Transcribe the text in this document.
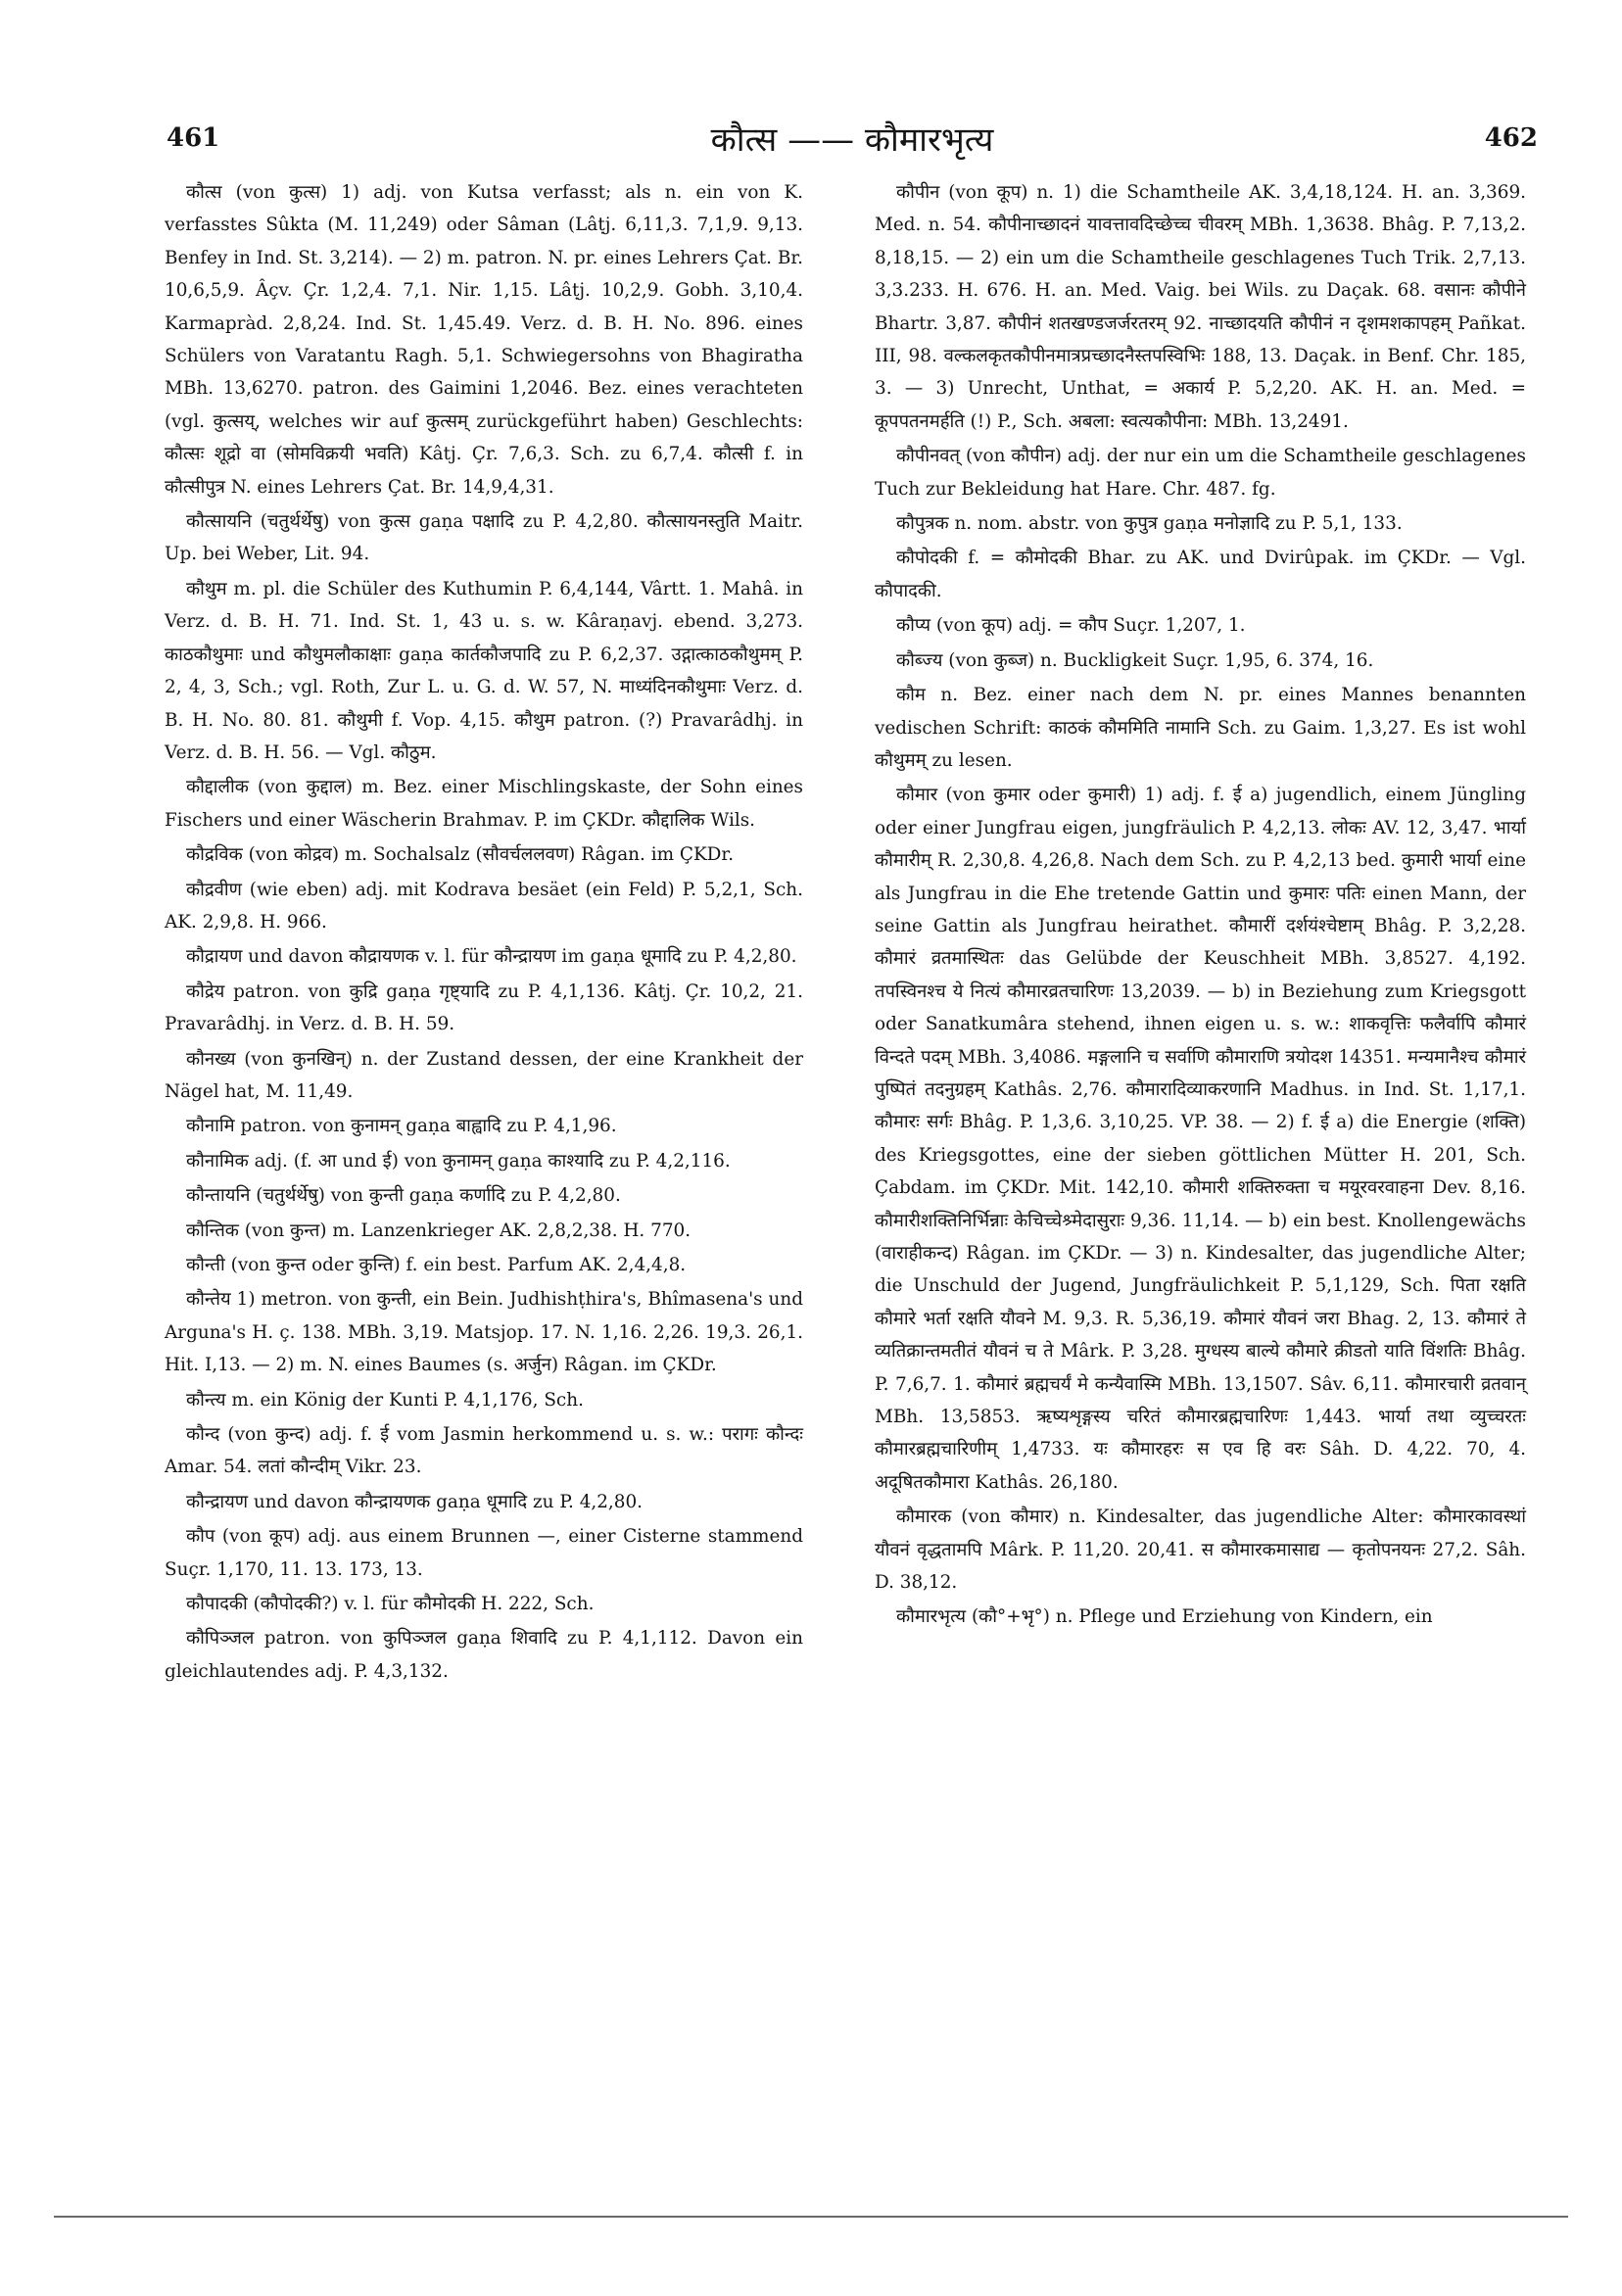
461	कौत्स —— कौमारभृत्य	462

कौत्स (von कुत्स) 1) adj. von Kutsa verfasst; als n. ein von K. verfasstes Sûkta (M. 11,249) oder Sâman (Lâṭj. 6,11,3. 7,1,9. 9,13. Benfey in Ind. St. 3,214). — 2) m. patron. N. pr. eines Lehrers Çat. Br. 10,6,5,9. Âçv. Çr. 1,2,4. 7,1. Nir. 1,15. Lâṭj. 10,2,9. Gobh. 3,10,4. Karmapràd. 2,8,24. Ind. St. 1,45.49. Verz. d. B. H. No. 896. eines Schülers von Varatantu Ragh. 5,1. Schwiegersohns von Bhagiratha MBh. 13,6270. patron. des Gaimini 1,2046. Bez. eines verachteten (vgl. कुत्सय्, welches wir auf कुत्सम् zurückgeführt haben) Geschlechts: कौत्सः शूद्रो वा (सोमविक्रयी भवति) Kâtj. Çr. 7,6,3. Sch. zu 6,7,4. कौत्सी f. in कौत्सीपुत्र N. eines Lehrers Çat. Br. 14,9,4,31.

कौत्सायनि (चतुर्थर्थेषु) von कुत्स gaṇa पक्षादि zu P. 4,2,80. कौत्सायनस्तुति Maitr. Up. bei Weber, Lit. 94.

कौथुम m. pl. die Schüler des Kuthumin P. 6,4,144, Vârtt. 1. Mahâ. in Verz. d. B. H. 71. Ind. St. 1, 43 u. s. w. Kâraṇavj. ebend. 3,273. काठकौथुमाः und कौथुमलौकाक्षाः gaṇa कार्तकौजपादि zu P. 6,2,37. उद्गात्काठकौथुमम् P. 2, 4, 3, Sch.; vgl. Roth, Zur L. u. G. d. W. 57, N. माध्यंदिनकौथुमाः Verz. d. B. H. No. 80. 81. कौथुमी f. Vop. 4,15. कौथुम patron. (?) Pravarâdhj. in Verz. d. B. H. 56. — Vgl. कौठुम.

कौद्दालीक (von कुद्दाल) m. Bez. einer Mischlingskaste, der Sohn eines Fischers und einer Wäscherin Brahmav. P. im ÇKDr. कौद्दालिक Wils.

कौद्रविक (von कोद्रव) m. Sochalsalz (सौवर्चललवण) Râgan. im ÇKDr.

कौद्रवीण (wie eben) adj. mit Kodrava besäet (ein Feld) P. 5,2,1, Sch. AK. 2,9,8. H. 966.

कौद्रायण und davon कौद्रायणक v. l. für कौन्द्रायण im gaṇa धूमादि zu P. 4,2,80.

कौद्रेय patron. von कुद्रि gaṇa गृष्ट्यादि zu P. 4,1,136. Kâtj. Çr. 10,2, 21. Pravarâdhj. in Verz. d. B. H. 59.

कौनख्य (von कुनखिन्) n. der Zustand dessen, der eine Krankheit der Nägel hat, M. 11,49.

कौनामि patron. von कुनामन् gaṇa बाह्वादि zu P. 4,1,96.

कौनामिक adj. (f. आ und ई) von कुनामन् gaṇa काश्यादि zu P. 4,2,116.

कौन्तायनि (चतुर्थर्थेषु) von कुन्ती gaṇa कर्णादि zu P. 4,2,80.

कौन्तिक (von कुन्त) m. Lanzenkrieger AK. 2,8,2,38. H. 770.

कौन्ती (von कुन्त oder कुन्ति) f. ein best. Parfum AK. 2,4,4,8.

कौन्तेय 1) metron. von कुन्ती, ein Bein. Judhishṭhira's, Bhîmasena's und Arguna's H. ç. 138. MBh. 3,19. Matsjop. 17. N. 1,16. 2,26. 19,3. 26,1. Hit. I,13. — 2) m. N. eines Baumes (s. अर्जुन) Râgan. im ÇKDr.

कौन्त्य m. ein König der Kunti P. 4,1,176, Sch.

कौन्द (von कुन्द) adj. f. ई vom Jasmin herkommend u. s. w.: परागः कौन्दः Amar. 54. लतां कौन्दीम् Vikr. 23.

कौन्द्रायण und davon कौन्द्रायणक gaṇa धूमादि zu P. 4,2,80.

कौप (von कूप) adj. aus einem Brunnen —, einer Cisterne stammend Suçr. 1,170, 11. 13. 173, 13.

कौपादकी (कौपोदकी?) v. l. für कौमोदकी H. 222, Sch.

कौपिञ्जल patron. von कुपिञ्जल gaṇa शिवादि zu P. 4,1,112. Davon ein gleichlautendes adj. P. 4,3,132.

कौपीन (von कूप) n. 1) die Schamtheile AK. 3,4,18,124. H. an. 3,369. Med. n. 54. कौपीनाच्छादनं यावत्तावदिच्छेच्च चीवरम् MBh. 1,3638. Bhâg. P. 7,13,2. 8,18,15. — 2) ein um die Schamtheile geschlagenes Tuch Trik. 2,7,13. 3,3.233. H. 676. H. an. Med. Vaig. bei Wils. zu Daçak. 68. वसानः कौपीने Bhartr. 3,87. कौपीनं शतखण्डजर्जरतरम् 92. नाच्छादयति कौपीनं न दृशमशकापहम् Pañkat. III, 98. वल्कलकृतकौपीनमात्रप्रच्छादनैस्तपस्विभिः 188, 13. Daçak. in Benf. Chr. 185, 3. — 3) Unrecht, Unthat, = अकार्य P. 5,2,20. AK. H. an. Med. = कूपपतनमर्हति (!) P., Sch. अबला: स्वत्यकौपीना: MBh. 13,2491.

कौपीनवत् (von कौपीन) adj. der nur ein um die Schamtheile geschlagenes Tuch zur Bekleidung hat Hare. Chr. 487. fg.

कौपुत्रक n. nom. abstr. von कुपुत्र gaṇa मनोज्ञादि zu P. 5,1, 133.

कौपोदकी f. = कौमोदकी Bhar. zu AK. und Dvirûpak. im ÇKDr. — Vgl. कौपादकी.

कौप्य (von कूप) adj. = कौप Suçr. 1,207, 1.

कौब्ज्य (von कुब्ज) n. Buckligkeit Suçr. 1,95, 6. 374, 16.

कौम n. Bez. einer nach dem N. pr. eines Mannes benannten vedischen Schrift: काठकं कौममिति नामानि Sch. zu Gaim. 1,3,27. Es ist wohl कौथुमम् zu lesen.

कौमार (von कुमार oder कुमारी) 1) adj. f. ई a) jugendlich, einem Jüngling oder einer Jungfrau eigen, jungfräulich P. 4,2,13. लोकः AV. 12, 3,47. भार्या कौमारीम् R. 2,30,8. 4,26,8. Nach dem Sch. zu P. 4,2,13 bed. कुमारी भार्या eine als Jungfrau in die Ehe tretende Gattin und कुमारः पतिः einen Mann, der seine Gattin als Jungfrau heirathet. कौमारीं दर्शयंश्चेष्टाम् Bhâg. P. 3,2,28. कौमारं व्रतमास्थितः das Gelübde der Keuschheit MBh. 3,8527. 4,192. तपस्विनश्च ये नित्यं कौमारव्रतचारिणः 13,2039. — b) in Beziehung zum Kriegsgott oder Sanatkumâra stehend, ihnen eigen u. s. w.: शाकवृत्तिः फलैर्वापि कौमारं विन्दते पदम् MBh. 3,4086. मङ्गलानि च सर्वाणि कौमाराणि त्रयोदश 14351. मन्यमानैश्च कौमारं पुष्पितं तदनुग्रहम् Kathâs. 2,76. कौमारादिव्याकरणानि Madhus. in Ind. St. 1,17,1. कौमारः सर्गः Bhâg. P. 1,3,6. 3,10,25. VP. 38. — 2) f. ई a) die Energie (शक्ति) des Kriegsgottes, eine der sieben göttlichen Mütter H. 201, Sch. Çabdam. im ÇKDr. Mit. 142,10. कौमारी शक्तिरुक्ता च मयूरवरवाहना Dev. 8,16. कौमारीशक्तिनिर्भिन्नाः केचिच्चेश्र्मेदासुराः 9,36. 11,14. — b) ein best. Knollengewächs (वाराहीकन्द) Râgan. im ÇKDr. — 3) n. Kindesalter, das jugendliche Alter; die Unschuld der Jugend, Jungfräulichkeit P. 5,1,129, Sch. पिता रक्षति कौमारे भर्ता रक्षति यौवने M. 9,3. R. 5,36,19. कौमारं यौवनं जरा Bhag. 2, 13. कौमारं ते व्यतिक्रान्तमतीतं यौवनं च ते Mârk. P. 3,28. मुग्धस्य बाल्ये कौमारे क्रीडतो याति विंशतिः Bhâg. P. 7,6,7. 1. कौमारं ब्रह्मचर्यं मे कन्यैवास्मि MBh. 13,1507. Sâv. 6,11. कौमारचारी व्रतवान् MBh. 13,5853. ऋष्यशृङ्गस्य चरितं कौमारब्रह्मचारिणः 1,443. भार्या तथा व्युच्चरतः कौमारब्रह्मचारिणीम् 1,4733. यः कौमारहरः स एव हि वरः Sâh. D. 4,22. 70, 4. अदूषितकौमारा Kathâs. 26,180.

कौमारक (von कौमार) n. Kindesalter, das jugendliche Alter: कौमारकावस्थां यौवनं वृद्धतामपि Mârk. P. 11,20. 20,41. स कौमारकमासाद्य — कृतोपनयनः 27,2. Sâh. D. 38,12.

कौमारभृत्य (कौ°+भृ°) n. Pflege und Erziehung von Kindern, ein
